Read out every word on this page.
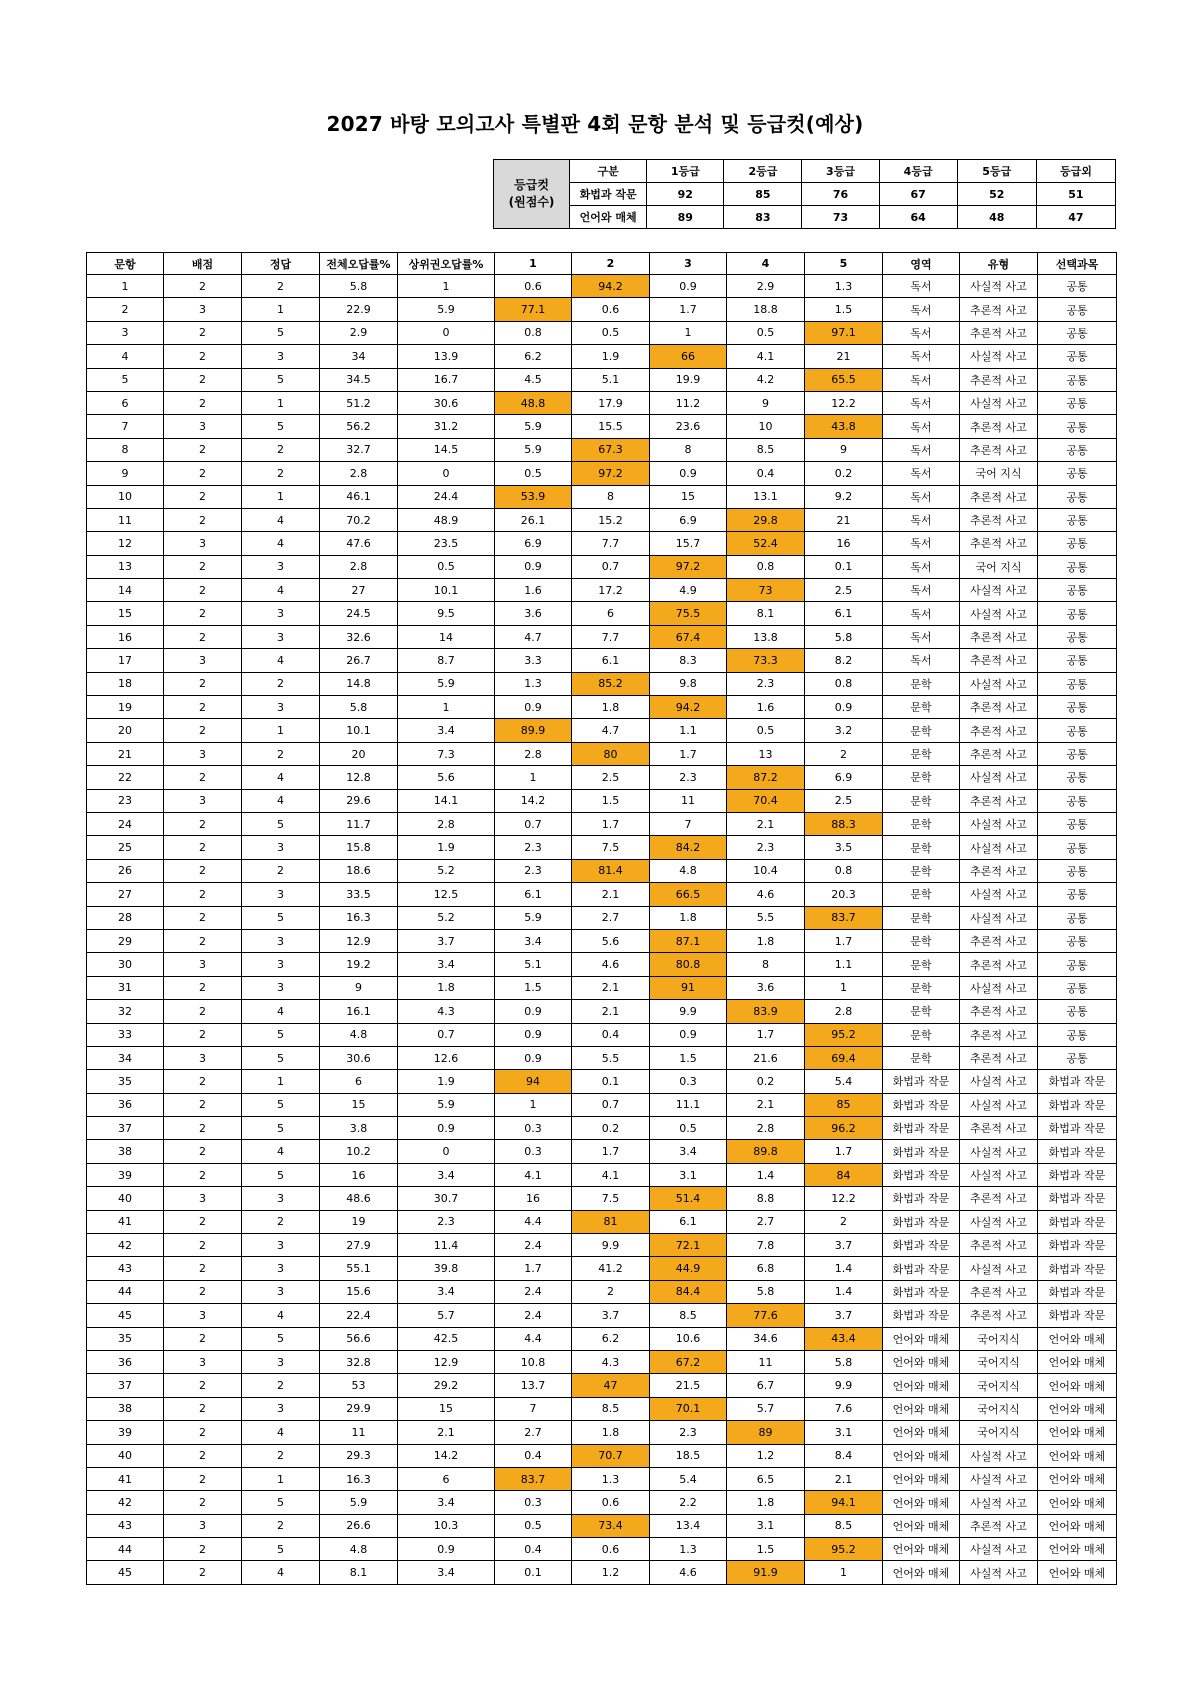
2027 바탕 모의고사 특별판 4회 문항 분석 및 등급컷(예상)
등급컷
(원점수)	구분	1등급	2등급	3등급	4등급	5등급	등급외
	화법과 작문	92	85	76	67	52	51
	언어와 매체	89	83	73	64	48	47
문항	배점	정답	전체오답률%	상위권오답률%	1	2	3	4	5	영역	유형	선택과목
1	2	2	5.8	1	0.6	94.2	0.9	2.9	1.3	독서	사실적 사고	공통
2	3	1	22.9	5.9	77.1	0.6	1.7	18.8	1.5	독서	추론적 사고	공통
3	2	5	2.9	0	0.8	0.5	1	0.5	97.1	독서	추론적 사고	공통
4	2	3	34	13.9	6.2	1.9	66	4.1	21	독서	사실적 사고	공통
5	2	5	34.5	16.7	4.5	5.1	19.9	4.2	65.5	독서	추론적 사고	공통
6	2	1	51.2	30.6	48.8	17.9	11.2	9	12.2	독서	사실적 사고	공통
7	3	5	56.2	31.2	5.9	15.5	23.6	10	43.8	독서	추론적 사고	공통
8	2	2	32.7	14.5	5.9	67.3	8	8.5	9	독서	추론적 사고	공통
9	2	2	2.8	0	0.5	97.2	0.9	0.4	0.2	독서	국어 지식	공통
10	2	1	46.1	24.4	53.9	8	15	13.1	9.2	독서	추론적 사고	공통
11	2	4	70.2	48.9	26.1	15.2	6.9	29.8	21	독서	추론적 사고	공통
12	3	4	47.6	23.5	6.9	7.7	15.7	52.4	16	독서	추론적 사고	공통
13	2	3	2.8	0.5	0.9	0.7	97.2	0.8	0.1	독서	국어 지식	공통
14	2	4	27	10.1	1.6	17.2	4.9	73	2.5	독서	사실적 사고	공통
15	2	3	24.5	9.5	3.6	6	75.5	8.1	6.1	독서	사실적 사고	공통
16	2	3	32.6	14	4.7	7.7	67.4	13.8	5.8	독서	추론적 사고	공통
17	3	4	26.7	8.7	3.3	6.1	8.3	73.3	8.2	독서	추론적 사고	공통
18	2	2	14.8	5.9	1.3	85.2	9.8	2.3	0.8	문학	사실적 사고	공통
19	2	3	5.8	1	0.9	1.8	94.2	1.6	0.9	문학	추론적 사고	공통
20	2	1	10.1	3.4	89.9	4.7	1.1	0.5	3.2	문학	추론적 사고	공통
21	3	2	20	7.3	2.8	80	1.7	13	2	문학	추론적 사고	공통
22	2	4	12.8	5.6	1	2.5	2.3	87.2	6.9	문학	사실적 사고	공통
23	3	4	29.6	14.1	14.2	1.5	11	70.4	2.5	문학	추론적 사고	공통
24	2	5	11.7	2.8	0.7	1.7	7	2.1	88.3	문학	사실적 사고	공통
25	2	3	15.8	1.9	2.3	7.5	84.2	2.3	3.5	문학	사실적 사고	공통
26	2	2	18.6	5.2	2.3	81.4	4.8	10.4	0.8	문학	추론적 사고	공통
27	2	3	33.5	12.5	6.1	2.1	66.5	4.6	20.3	문학	사실적 사고	공통
28	2	5	16.3	5.2	5.9	2.7	1.8	5.5	83.7	문학	사실적 사고	공통
29	2	3	12.9	3.7	3.4	5.6	87.1	1.8	1.7	문학	추론적 사고	공통
30	3	3	19.2	3.4	5.1	4.6	80.8	8	1.1	문학	추론적 사고	공통
31	2	3	9	1.8	1.5	2.1	91	3.6	1	문학	사실적 사고	공통
32	2	4	16.1	4.3	0.9	2.1	9.9	83.9	2.8	문학	추론적 사고	공통
33	2	5	4.8	0.7	0.9	0.4	0.9	1.7	95.2	문학	추론적 사고	공통
34	3	5	30.6	12.6	0.9	5.5	1.5	21.6	69.4	문학	추론적 사고	공통
35	2	1	6	1.9	94	0.1	0.3	0.2	5.4	화법과 작문	사실적 사고	화법과 작문
36	2	5	15	5.9	1	0.7	11.1	2.1	85	화법과 작문	사실적 사고	화법과 작문
37	2	5	3.8	0.9	0.3	0.2	0.5	2.8	96.2	화법과 작문	추론적 사고	화법과 작문
38	2	4	10.2	0	0.3	1.7	3.4	89.8	1.7	화법과 작문	사실적 사고	화법과 작문
39	2	5	16	3.4	4.1	4.1	3.1	1.4	84	화법과 작문	사실적 사고	화법과 작문
40	3	3	48.6	30.7	16	7.5	51.4	8.8	12.2	화법과 작문	추론적 사고	화법과 작문
41	2	2	19	2.3	4.4	81	6.1	2.7	2	화법과 작문	사실적 사고	화법과 작문
42	2	3	27.9	11.4	2.4	9.9	72.1	7.8	3.7	화법과 작문	추론적 사고	화법과 작문
43	2	3	55.1	39.8	1.7	41.2	44.9	6.8	1.4	화법과 작문	사실적 사고	화법과 작문
44	2	3	15.6	3.4	2.4	2	84.4	5.8	1.4	화법과 작문	추론적 사고	화법과 작문
45	3	4	22.4	5.7	2.4	3.7	8.5	77.6	3.7	화법과 작문	추론적 사고	화법과 작문
35	2	5	56.6	42.5	4.4	6.2	10.6	34.6	43.4	언어와 매체	국어지식	언어와 매체
36	3	3	32.8	12.9	10.8	4.3	67.2	11	5.8	언어와 매체	국어지식	언어와 매체
37	2	2	53	29.2	13.7	47	21.5	6.7	9.9	언어와 매체	국어지식	언어와 매체
38	2	3	29.9	15	7	8.5	70.1	5.7	7.6	언어와 매체	국어지식	언어와 매체
39	2	4	11	2.1	2.7	1.8	2.3	89	3.1	언어와 매체	국어지식	언어와 매체
40	2	2	29.3	14.2	0.4	70.7	18.5	1.2	8.4	언어와 매체	사실적 사고	언어와 매체
41	2	1	16.3	6	83.7	1.3	5.4	6.5	2.1	언어와 매체	사실적 사고	언어와 매체
42	2	5	5.9	3.4	0.3	0.6	2.2	1.8	94.1	언어와 매체	사실적 사고	언어와 매체
43	3	2	26.6	10.3	0.5	73.4	13.4	3.1	8.5	언어와 매체	추론적 사고	언어와 매체
44	2	5	4.8	0.9	0.4	0.6	1.3	1.5	95.2	언어와 매체	사실적 사고	언어와 매체
45	2	4	8.1	3.4	0.1	1.2	4.6	91.9	1	언어와 매체	사실적 사고	언어와 매체
